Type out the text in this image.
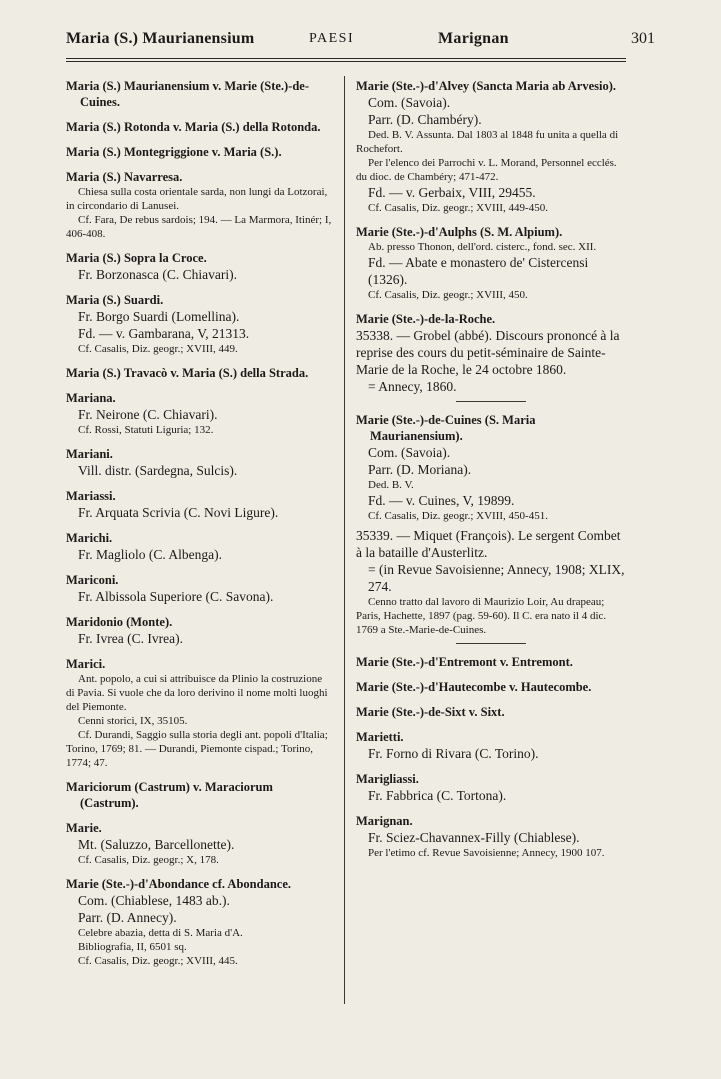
Maria (S.) Maurianensium	PAESI	Marignan	301
Maria (S.) Maurianensium v. Marie (Ste.)-de-Cuines.
Maria (S.) Rotonda v. Maria (S.) della Rotonda.
Maria (S.) Montegriggione v. Maria (S.).
Maria (S.) Navarresa.
Chiesa sulla costa orientale sarda, non lungi da Lotzorai, in circondario di Lanusei.
Cf. Fara, De rebus sardois; 194. — La Marmora, Itinér; I, 406-408.
Maria (S.) Sopra la Croce.
Fr. Borzonasca (C. Chiavari).
Maria (S.) Suardi.
Fr. Borgo Suardi (Lomellina).
Fd. — v. Gambarana, V, 21313.
Cf. Casalis, Diz. geogr.; XVIII, 449.
Maria (S.) Travacò v. Maria (S.) della Strada.
Mariana.
Fr. Neirone (C. Chiavari).
Cf. Rossi, Statuti Liguria; 132.
Mariani.
Vill. distr. (Sardegna, Sulcis).
Mariassi.
Fr. Arquata Scrivia (C. Novi Ligure).
Marichi.
Fr. Magliolo (C. Albenga).
Mariconi.
Fr. Albissola Superiore (C. Savona).
Maridonio (Monte).
Fr. Ivrea (C. Ivrea).
Marici.
Ant. popolo, a cui si attribuisce da Plinio la costruzione di Pavia. Si vuole che da loro derivino il nome molti luoghi del Piemonte.
Cenni storici, IX, 35105.
Cf. Durandi, Saggio sulla storia degli ant. popoli d'Italia; Torino, 1769; 81. — Durandi, Piemonte cispad.; Torino, 1774; 47.
Mariciorum (Castrum) v. Maraciorum (Castrum).
Marie.
Mt. (Saluzzo, Barcellonette).
Cf. Casalis, Diz. geogr.; X, 178.
Marie (Ste.-)-d'Abondance cf. Abondance.
Com. (Chiablese, 1483 ab.).
Parr. (D. Annecy).
Celebre abazia, detta di S. Maria d'A.
Bibliografia, II, 6501 sq.
Cf. Casalis, Diz. geogr.; XVIII, 445.
Marie (Ste.-)-d'Alvey (Sancta Maria ab Arvesio).
Com. (Savoia).
Parr. (D. Chambéry).
Ded. B. V. Assunta. Dal 1803 al 1848 fu unita a quella di Rochefort.
Per l'elenco dei Parrochi v. L. Morand, Personnel ecclés. du dioc. de Chambéry; 471-472.
Fd. — v. Gerbaix, VIII, 29455.
Cf. Casalis, Diz. geogr.; XVIII, 449-450.
Marie (Ste.-)-d'Aulphs (S. M. Alpium).
Ab. presso Thonon, dell'ord. cisterc., fond. sec. XII.
Fd. — Abate e monastero de' Cistercensi (1326).
Cf. Casalis, Diz. geogr.; XVIII, 450.
Marie (Ste.-)-de-la-Roche.
35338. — Grobel (abbé). Discours prononcé à la reprise des cours du petit-séminaire de Sainte-Marie de la Roche, le 24 octobre 1860.
= Annecy, 1860.
Marie (Ste.-)-de-Cuines (S. Maria Maurianensium).
Com. (Savoia).
Parr. (D. Moriana).
Ded. B. V.
Fd. — v. Cuines, V, 19899.
Cf. Casalis, Diz. geogr.; XVIII, 450-451.
35339. — Miquet (François). Le sergent Combet à la bataille d'Austerlitz.
= (in Revue Savoisienne; Annecy, 1908; XLIX, 274.
Cenno tratto dal lavoro di Maurizio Loir, Au drapeau; Paris, Hachette, 1897 (pag. 59-60). Il C. era nato il 4 dic. 1769 a Ste.-Marie-de-Cuines.
Marie (Ste.-)-d'Entremont v. Entremont.
Marie (Ste.-)-d'Hautecombe v. Hautecombe.
Marie (Ste.-)-de-Sixt v. Sixt.
Marietti.
Fr. Forno di Rivara (C. Torino).
Marigliassi.
Fr. Fabbrica (C. Tortona).
Marignan.
Fr. Sciez-Chavannex-Filly (Chiablese).
Per l'etimo cf. Revue Savoisienne; Annecy, 1900 107.
